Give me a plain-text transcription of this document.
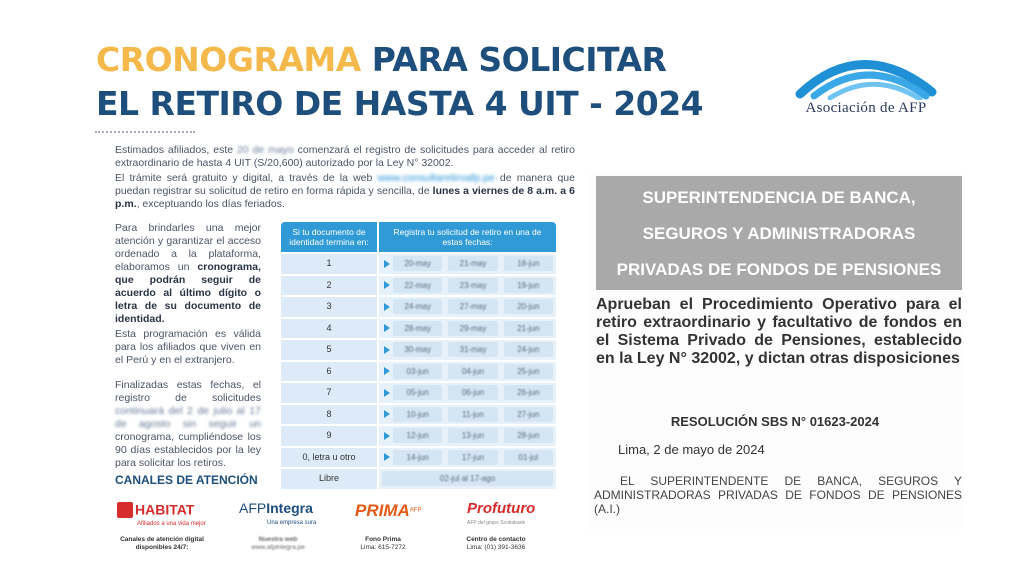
CRONOGRAMA PARA SOLICITAR
EL RETIRO DE HASTA 4 UIT - 2024	Asociación de AFP

Estimados afiliados, este 20 de mayo comenzará el registro de solicitudes para acceder al retiro extraordinario de hasta 4 UIT (S/20,600) autorizado por la Ley N° 32002.

El trámite será gratuito y digital, a través de la web www.consultaretiroafp.pe de manera que puedan registrar su solicitud de retiro en forma rápida y sencilla, de lunes a viernes de 8 a.m. a 6 p.m., exceptuando los días feriados.

Para brindarles una mejor atención y garantizar el acceso ordenado a la plataforma, elaboramos un cronograma, que podrán seguir de acuerdo al último dígito o letra de su documento de identidad.
Esta programación es válida para los afiliados que viven en el Perú y en el extranjero.
Finalizadas estas fechas, el registro de solicitudes continuará del 2 de julio al 17 de agosto sin seguir un cronograma, cumpliéndose los 90 días establecidos por la ley para solicitar los retiros.
Si tu documento de identidad termina en:
Registra tu solicitud de retiro en una de estas fechas:
1	20-may	21-may	18-jun
2	22-may	23-may	19-jun
3	24-may	27-may	20-jun
4	28-may	29-may	21-jun
5	30-may	31-may	24-jun
6	03-jun	04-jun	25-jun
7	05-jun	06-jun	26-jun
8	10-jun	11-jun	27-jun
9	12-jun	13-jun	28-jun
0, letra u otro	14-jun	17-jun	01-jul
Libre	02-jul al 17-ago
CANALES DE ATENCIÓN
HABITAT
Afiliados a una vida mejor
AFPIntegra
Una empresa sura
$PRIMA^{AFP}$	Profuturo
AFP del grupo Scotiabank
Canales de atención digital disponibles 24/7:
Nuestra web
www.afpintegra.pe
Fono Prima
Lima: 615-7272
Centro de contacto
Lima: (01) 391-3636
SUPERINTENDENCIA DE BANCA,
SEGUROS Y ADMINISTRADORAS
PRIVADAS DE FONDOS DE PENSIONES
Aprueban el Procedimiento Operativo para el retiro extraordinario y facultativo de fondos en el Sistema Privado de Pensiones, establecido en la Ley N° 32002, y dictan otras disposiciones
RESOLUCIÓN SBS N° 01623-2024
Lima, 2 de mayo de 2024
EL SUPERINTENDENTE DE BANCA, SEGUROS Y ADMINISTRADORAS PRIVADAS DE FONDOS DE PENSIONES (A.I.)
